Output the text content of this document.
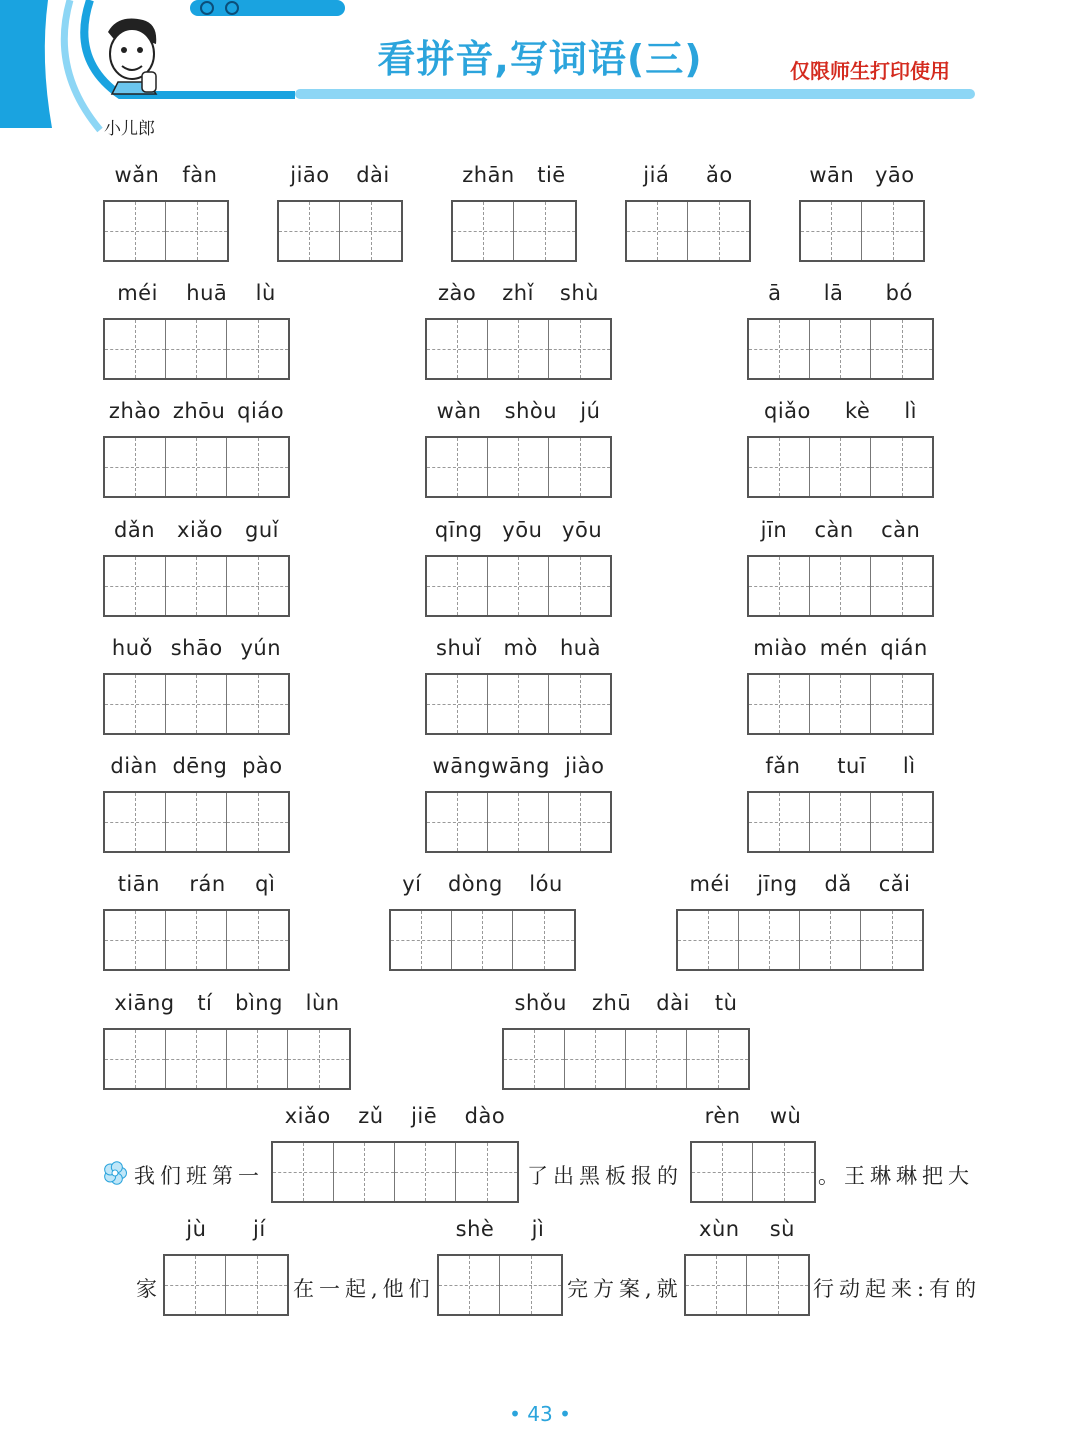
小儿郎
看拼音,写词语(三)	仅限师生打印使用
wǎn fàn	jiāo dài	zhān tiē	jiá ǎo	wān yāo
méi huā lù	zào zhǐ shù	ā lā bó
zhào zhōu qiáo	wàn shòu jú	qiǎo kè lì
dǎn xiǎo guǐ	qīng yōu yōu	jīn càn càn
huǒ shāo yún	shuǐ mò huà	miào mén qián
diàn dēng pào	wāngwāng jiào	fǎn tuī lì
tiān rán qì	yí dòng lóu	méi jīng dǎ cǎi
xiāng tí bìng lùn	shǒu zhū dài tù
xiǎo zǔ jiē dào	rèn wù
jù jí	shè jì	xùn sù
我们班第一	了出黑板报的	。王琳琳把大
家	在一起,他们	完方案,就	行动起来:有的
• 43 •
